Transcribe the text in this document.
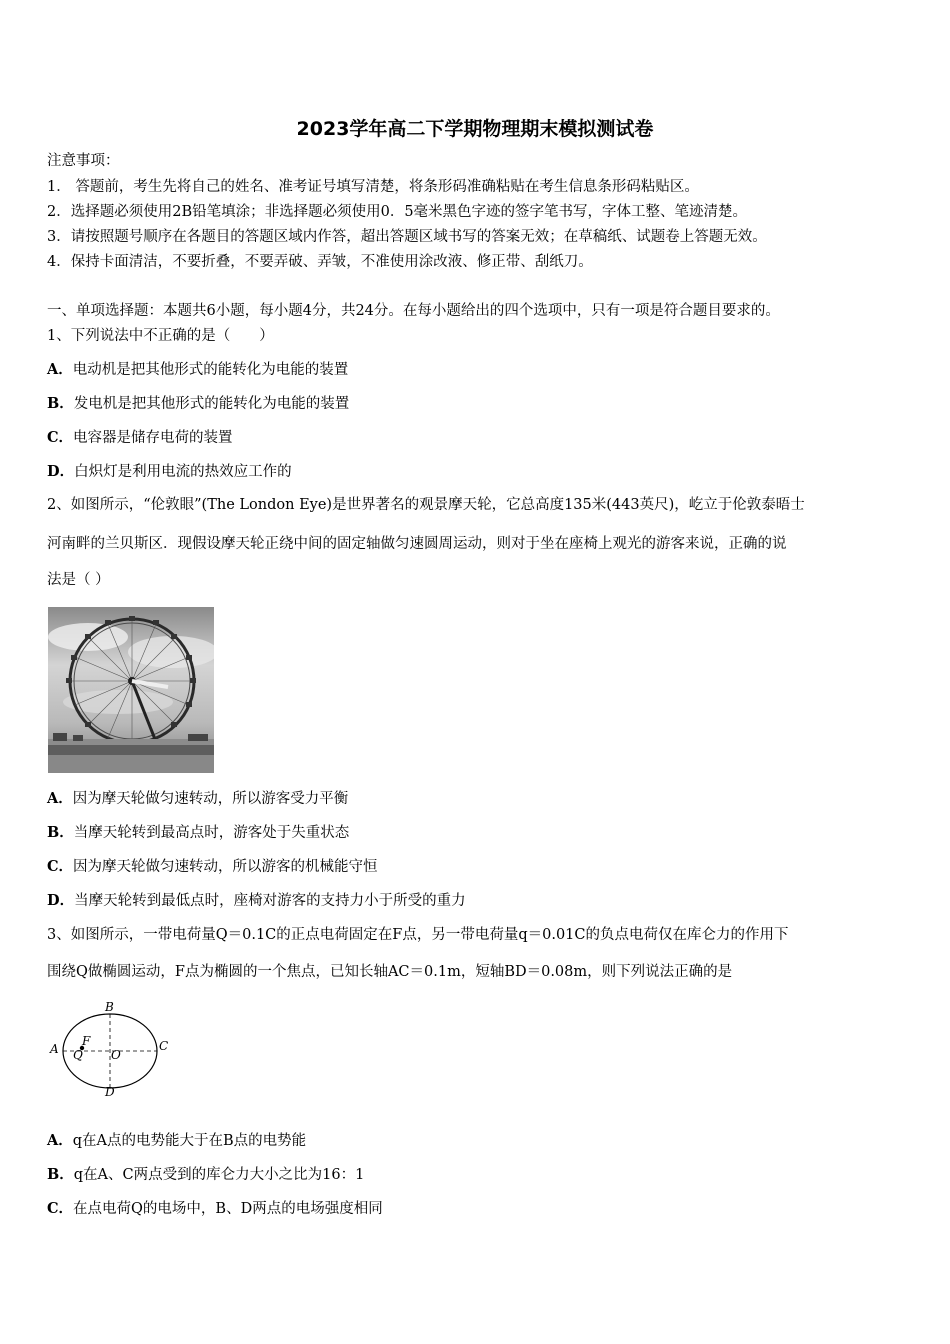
2023学年高二下学期物理期末模拟测试卷
注意事项：
1． 答题前，考生先将自己的姓名、准考证号填写清楚，将条形码准确粘贴在考生信息条形码粘贴区。
2．选择题必须使用2B铅笔填涂；非选择题必须使用0．5毫米黑色字迹的签字笔书写，字体工整、笔迹清楚。
3．请按照题号顺序在各题目的答题区域内作答，超出答题区域书写的答案无效；在草稿纸、试题卷上答题无效。
4．保持卡面清洁，不要折叠，不要弄破、弄皱，不准使用涂改液、修正带、刮纸刀。
一、单项选择题：本题共6小题，每小题4分，共24分。在每小题给出的四个选项中，只有一项是符合题目要求的。
1、下列说法中不正确的是（　　）
A．电动机是把其他形式的能转化为电能的装置
B．发电机是把其他形式的能转化为电能的装置
C．电容器是储存电荷的装置
D．白炽灯是利用电流的热效应工作的
2、如图所示，“伦敦眼”(The London Eye)是世界著名的观景摩天轮，它总高度135米(443英尺)，屹立于伦敦泰晤士
河南畔的兰贝斯区．现假设摩天轮正绕中间的固定轴做匀速圆周运动，则对于坐在座椅上观光的游客来说，正确的说
法是（ ）
A．因为摩天轮做匀速转动，所以游客受力平衡
B．当摩天轮转到最高点时，游客处于失重状态
C．因为摩天轮做匀速转动，所以游客的机械能守恒
D．当摩天轮转到最低点时，座椅对游客的支持力小于所受的重力
3、如图所示，一带电荷量Q＝0.1C的正点电荷固定在F点，另一带电荷量q＝0.01C的负点电荷仅在库仑力的作用下
围绕Q做椭圆运动，F点为椭圆的一个焦点，已知长轴AC＝0.1m，短轴BD＝0.08m，则下列说法正确的是
B
A	C
D
F
Q O
A．q在A点的电势能大于在B点的电势能
B．q在A、C两点受到的库仑力大小之比为16：1
C．在点电荷Q的电场中，B、D两点的电场强度相同
